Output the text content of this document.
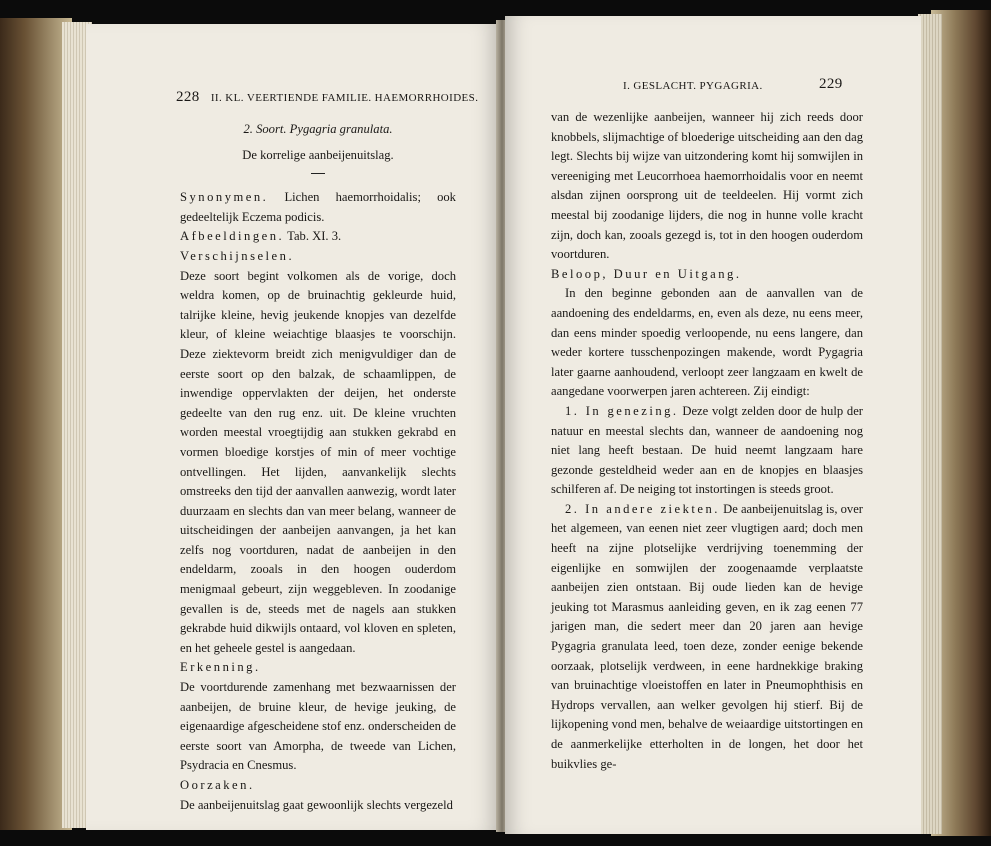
228 II. KL. VEERTIENDE FAMILIE. HAEMORRHOIDES.

2. Soort. Pygagria granulata.

De korrelige aanbeijenuitslag.

Synonymen. Lichen haemorrhoidalis; ook gedeeltelijk Eczema podicis.

Afbeeldingen. Tab. XI. 3.

Verschijnselen.

Deze soort begint volkomen als de vorige, doch weldra komen, op de bruinachtig gekleurde huid, talrijke kleine, hevig jeukende knopjes van dezelfde kleur, of kleine weiachtige blaasjes te voorschijn. Deze ziektevorm breidt zich menigvuldiger dan de eerste soort op den balzak, de schaamlippen, de inwendige oppervlakten der deijen, het onderste gedeelte van den rug enz. uit. De kleine vruchten worden meestal vroegtijdig aan stukken gekrabd en vormen bloedige korstjes of min of meer vochtige ontvellingen. Het lijden, aanvankelijk slechts omstreeks den tijd der aanvallen aanwezig, wordt later duurzaam en slechts dan van meer belang, wanneer de uitscheidingen der aanbeijen aanvangen, ja het kan zelfs nog voortduren, nadat de aanbeijen in den endeldarm, zooals in den hoogen ouderdom menigmaal gebeurt, zijn weggebleven. In zoodanige gevallen is de, steeds met de nagels aan stukken gekrabde huid dikwijls ontaard, vol kloven en spleten, en het geheele gestel is aangedaan.

Erkenning.

De voortdurende zamenhang met bezwaarnissen der aanbeijen, de bruine kleur, de hevige jeuking, de eigenaardige afgescheidene stof enz. onderscheiden de eerste soort van Amorpha, de tweede van Lichen, Psydracia en Cnesmus.

Oorzaken.

De aanbeijenuitslag gaat gewoonlijk slechts vergezeld

I. GESLACHT. PYGAGRIA.	229

van de wezenlijke aanbeijen, wanneer hij zich reeds door knobbels, slijmachtige of bloederige uitscheiding aan den dag legt. Slechts bij wijze van uitzondering komt hij somwijlen in vereeniging met Leucorrhoea haemorrhoidalis voor en neemt alsdan zijnen oorsprong uit de teeldeelen. Hij vormt zich meestal bij zoodanige lijders, die nog in hunne volle kracht zijn, doch kan, zooals gezegd is, tot in den hoogen ouderdom voortduren.

Beloop, Duur en Uitgang.

In den beginne gebonden aan de aanvallen van de aandoening des endeldarms, en, even als deze, nu eens meer, dan eens minder spoedig verloopende, nu eens langere, dan weder kortere tusschenpozingen makende, wordt Pygagria later gaarne aanhoudend, verloopt zeer langzaam en kwelt de aangedane voorwerpen jaren achtereen. Zij eindigt:

1. In genezing. Deze volgt zelden door de hulp der natuur en meestal slechts dan, wanneer de aandoening nog niet lang heeft bestaan. De huid neemt langzaam hare gezonde gesteldheid weder aan en de knopjes en blaasjes schilferen af. De neiging tot instortingen is steeds groot.

2. In andere ziekten. De aanbeijenuitslag is, over het algemeen, van eenen niet zeer vlugtigen aard; doch men heeft na zijne plotselijke verdrijving toenemming der eigenlijke en somwijlen der zoogenaamde verplaatste aanbeijen zien ontstaan. Bij oude lieden kan de hevige jeuking tot Marasmus aanleiding geven, en ik zag eenen 77 jarigen man, die sedert meer dan 20 jaren aan hevige Pygagria granulata leed, toen deze, zonder eenige bekende oorzaak, plotselijk verdween, in eene hardnekkige braking van bruinachtige vloeistoffen en later in Pneumophthisis en Hydrops vervallen, aan welker gevolgen hij stierf. Bij de lijkopening vond men, behalve de weiaardige uitstortingen en de aanmerkelijke etterholten in de longen, het door het buikvlies ge-
